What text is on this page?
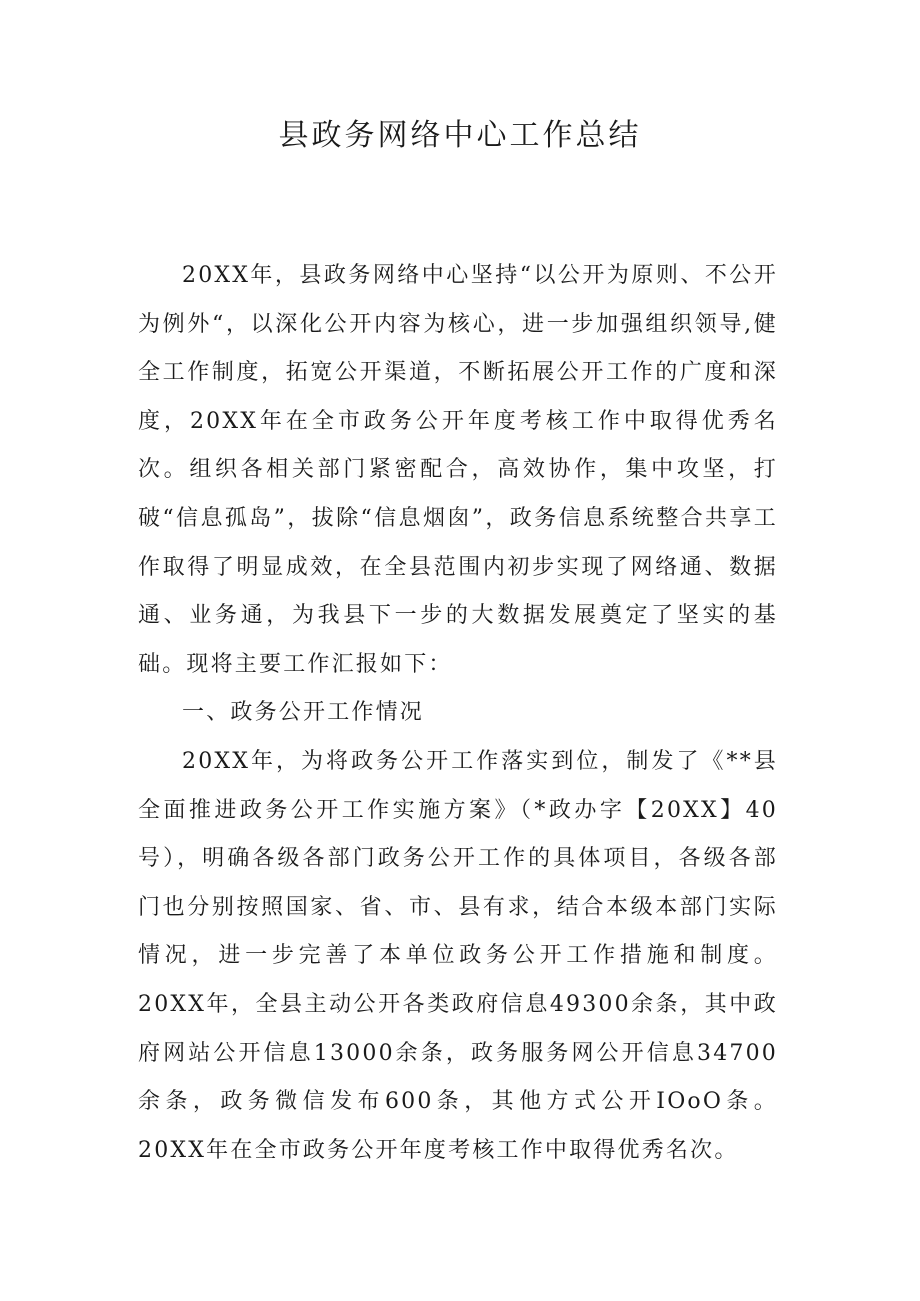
县政务网络中心工作总结

20XX年，县政务网络中心坚持“以公开为原则、不公开为例外“，以深化公开内容为核心，进一步加强组织领导,健全工作制度，拓宽公开渠道，不断拓展公开工作的广度和深度，20XX年在全市政务公开年度考核工作中取得优秀名次。组织各相关部门紧密配合，高效协作，集中攻坚，打破“信息孤岛”，拔除“信息烟囱”，政务信息系统整合共享工作取得了明显成效，在全县范围内初步实现了网络通、数据通、业务通，为我县下一步的大数据发展奠定了坚实的基础。现将主要工作汇报如下：

一、政务公开工作情况

20XX年，为将政务公开工作落实到位，制发了《**县全面推进政务公开工作实施方案》（*政办字【20XX】40号），明确各级各部门政务公开工作的具体项目，各级各部门也分别按照国家、省、市、县有求，结合本级本部门实际情况，进一步完善了本单位政务公开工作措施和制度。20XX年，全县主动公开各类政府信息49300余条，其中政府网站公开信息13000余条，政务服务网公开信息34700余条，政务微信发布600条，其他方式公开IOoO条。20XX年在全市政务公开年度考核工作中取得优秀名次。
